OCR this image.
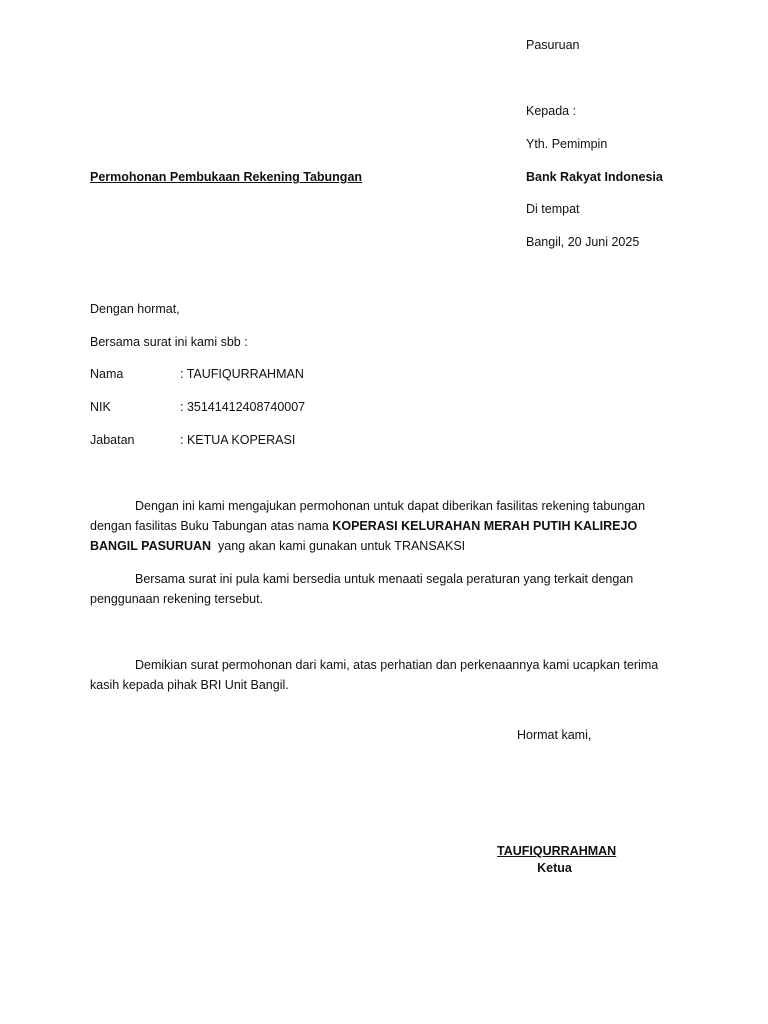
Pasuruan
Kepada :
Yth. Pemimpin
Bank Rakyat Indonesia
Di tempat
Bangil, 20 Juni 2025
Permohonan Pembukaan Rekening Tabungan
Dengan hormat,
Bersama surat ini kami sbb :
Nama	: TAUFIQURRAHMAN
NIK	: 35141412408740007
Jabatan	: KETUA KOPERASI
Dengan ini kami mengajukan permohonan untuk dapat diberikan fasilitas rekening tabungan dengan fasilitas Buku Tabungan atas nama KOPERASI KELURAHAN MERAH PUTIH KALIREJO BANGIL PASURUAN  yang akan kami gunakan untuk TRANSAKSI
Bersama surat ini pula kami bersedia untuk menaati segala peraturan yang terkait dengan penggunaan rekening tersebut.
Demikian surat permohonan dari kami, atas perhatian dan perkenaannya kami ucapkan terima kasih kepada pihak BRI Unit Bangil.
Hormat kami,
TAUFIQURRAHMAN
Ketua
